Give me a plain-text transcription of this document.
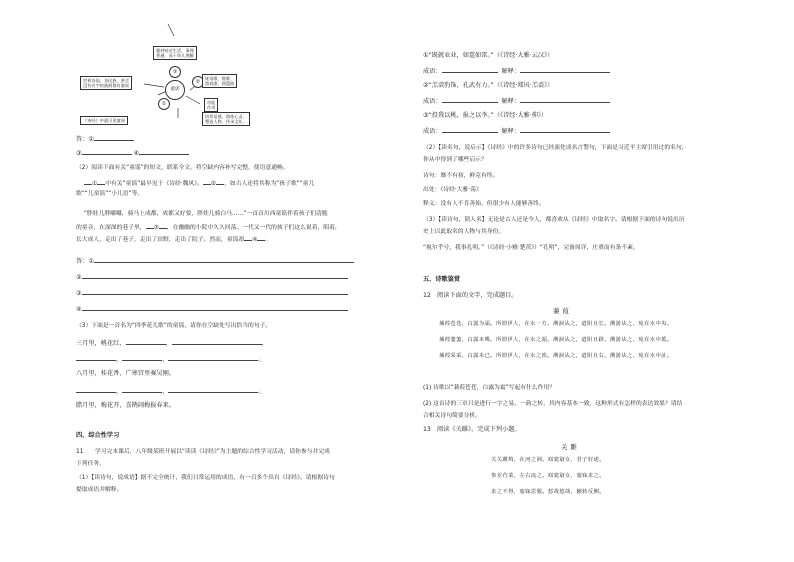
题材贴近生活，事理
普通，易于幼儿理解
③
世界各国、各民族、甚至
没有名字的族群都有童谣
童谣
②
谜语歌、数歌、
游戏歌、摇篮曲
①	功能
作用
培养语感、锻炼心灵、
塑造人格、传承文化…
《诗经》中就可见童谣
答：①
③	④
（2）阅读下面有关“童谣”的短文，联系全文，将空缺内容补写完整，使语意通畅。
① 中有关“童谣”最早见于《诗经·魏风》。 ② ，如古人还将其称为“孩子歌”“童儿
歌”“儿童谣”“小儿语”等。
“胖娃儿胖嘟嘟，骑马上成都，成都又好要，胖娃儿骑白马……”一首首川西童谣伴着孩子们清脆
的童音，在深深的巷子里， ③ ，在幽幽的小院中久久回荡。一代又一代的孩子们这么说着，唱着，
长大成人，走出了巷子，走出了田野，走出了院子。然而，童谣却 ④ 。
答：①
②
③
④
（3）下面是一首名为“四季花儿歌”的童谣，请你在空缺处写出恰当的句子。
三月里，桃花红，	，	，
，	，	。
八月里，桂花香，广寒宫里奏吴刚。
，	，	。
腊月里，梅花开，喜鹊闹梅报春来。
四、综合性学习
11　　学习完本课后，八年级某班开展以“读读《诗经》”为主题的综合性学习活动，请你参与并完成
下列任务。
（1）【读诗句，说成语】据不完全统计，我们日常运用的成语，有一百多个出自《诗经》。请根据诗句
提取成语并解释。
①“既就业业，如霆如雷。”（《诗经·大雅·云汉》）
成语：	解释：
②“羔裘豹饰，孔武有力。”（《诗经·郑风·羔裘》）
成语：	解释：
③“投我以桃，报之以李。”（《诗经·大雅·抑》）
成语：	解释：
（2）【读名句，说启示】《诗经》中的许多诗句已经演化成名言警句，下面是习近平主席引用过的名句，
你从中得到了哪些启示？
诗句：靡不有初，鲜克有终。
出处：《诗经·大雅·荡》
释义：没有人不肯善始，但很少有人能够善终。
（3）【读诗句，猜人名】无论是古人还是今人，都喜欢从《诗经》中取名字。请根据下面的诗句说出历
史上以此取名的人物与其身份。
“视尔乎兮，我事孔明。”（《诗经·小雅·楚茨》）“孔明”，完备周详，庄重而有条不紊。
五、诗歌鉴赏
12　阅读下面的文字，完成题目。
蒹葭
蒹葭苍苍，白露为霜。所谓伊人，在水一方。溯洄从之，道阻且长。溯游从之，宛在水中央。
蒹葭萋萋，白露未晞。所谓伊人，在水之湄。溯洄从之，道阻且跻。溯游从之，宛在水中坻。
蒹葭采采，白露未已。所谓伊人，在水之涘。溯洄从之，道阻且右。溯游从之，宛在水中沚。
(1) 诗歌以“蒹葭苍苍，白露为霜”写起有什么作用？
(2) 这首诗的三章只是进行一字之易，一韵之转，其内容基本一致，这种形式有怎样的表达效果？请结
合相关诗句简要分析。
13　阅读《关雎》，完成下列小题。
关雎
关关雎鸠，在河之洲。窈窕淑女，君子好逑。
参差荇菜，左右流之。窈窕淑女，寤寐求之。
求之不得，寤寐思服。悠哉悠哉，辗转反侧。
